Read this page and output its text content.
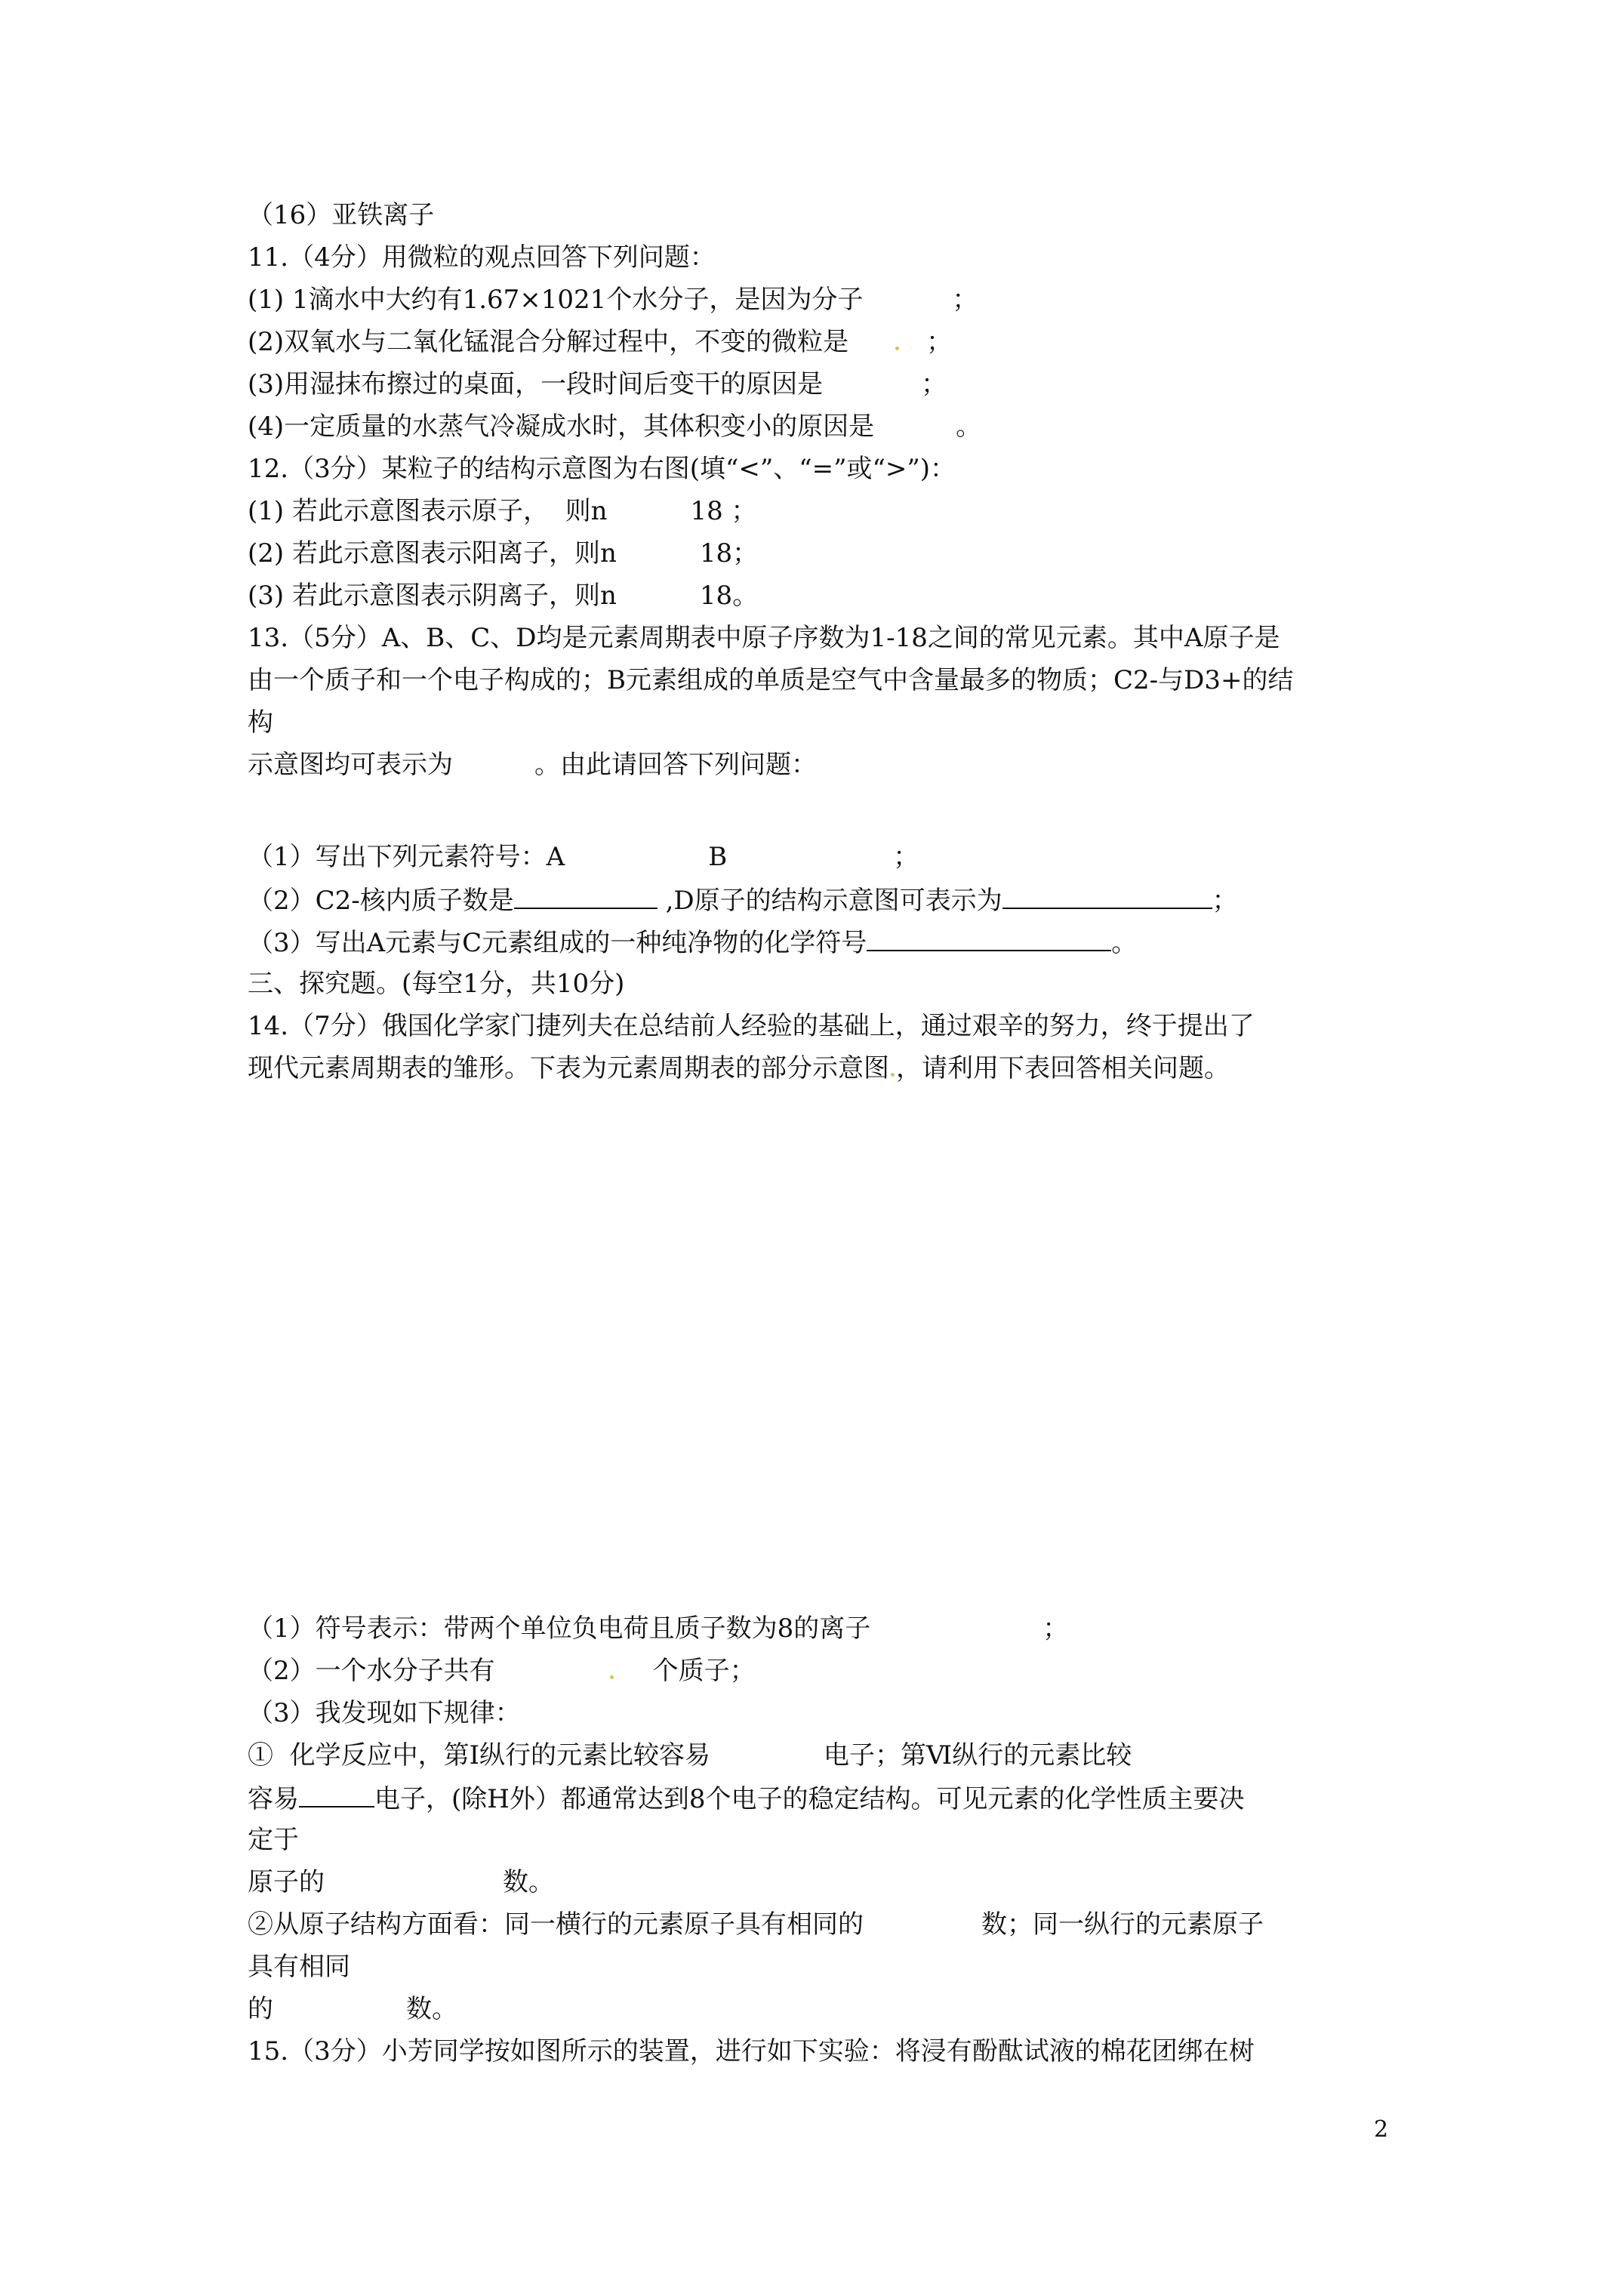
（16）亚铁离子
11.（4分）用微粒的观点回答下列问题：
(1) 1滴水中大约有1.67×1021个水分子，是因为分子	；
(2)双氧水与二氧化锰混合分解过程中，不变的微粒是	；
(3)用湿抹布擦过的桌面，一段时间后变干的原因是	；
(4)一定质量的水蒸气冷凝成水时，其体积变小的原因是	。
12.（3分）某粒子的结构示意图为右图(填“<”、“=”或“>”)：
(1) 若此示意图表示原子，  则n	18 ；
(2) 若此示意图表示阳离子，则n	18；
(3) 若此示意图表示阴离子，则n	18。
13.（5分）A、B、C、D均是元素周期表中原子序数为1-18之间的常见元素。其中A原子是
由一个质子和一个电子构成的；B元素组成的单质是空气中含量最多的物质；C2-与D3+的结
构
示意图均可表示为	。由此请回答下列问题：
（1）写出下列元素符号：A	B	；
（2）C2-核内质子数是	,D原子的结构示意图可表示为	；
（3）写出A元素与C元素组成的一种纯净物的化学符号	。
三、探究题。(每空1分，共10分)
14.（7分）俄国化学家门捷列夫在总结前人经验的基础上，通过艰辛的努力，终于提出了
现代元素周期表的雏形。下表为元素周期表的部分示意图 ，请利用下表回答相关问题。
（1）符号表示：带两个单位负电荷且质子数为8的离子	；
（2）一个水分子共有	个质子；
（3）我发现如下规律：
①  化学反应中，第Ⅰ纵行的元素比较容易	电子；第Ⅵ纵行的元素比较
容易	电子，(除H外）都通常达到8个电子的稳定结构。可见元素的化学性质主要决
定于
原子的	数。
②从原子结构方面看：同一横行的元素原子具有相同的	数；同一纵行的元素原子
具有相同
的	数。
15.（3分）小芳同学按如图所示的装置，进行如下实验：将浸有酚酞试液的棉花团绑在树
2
